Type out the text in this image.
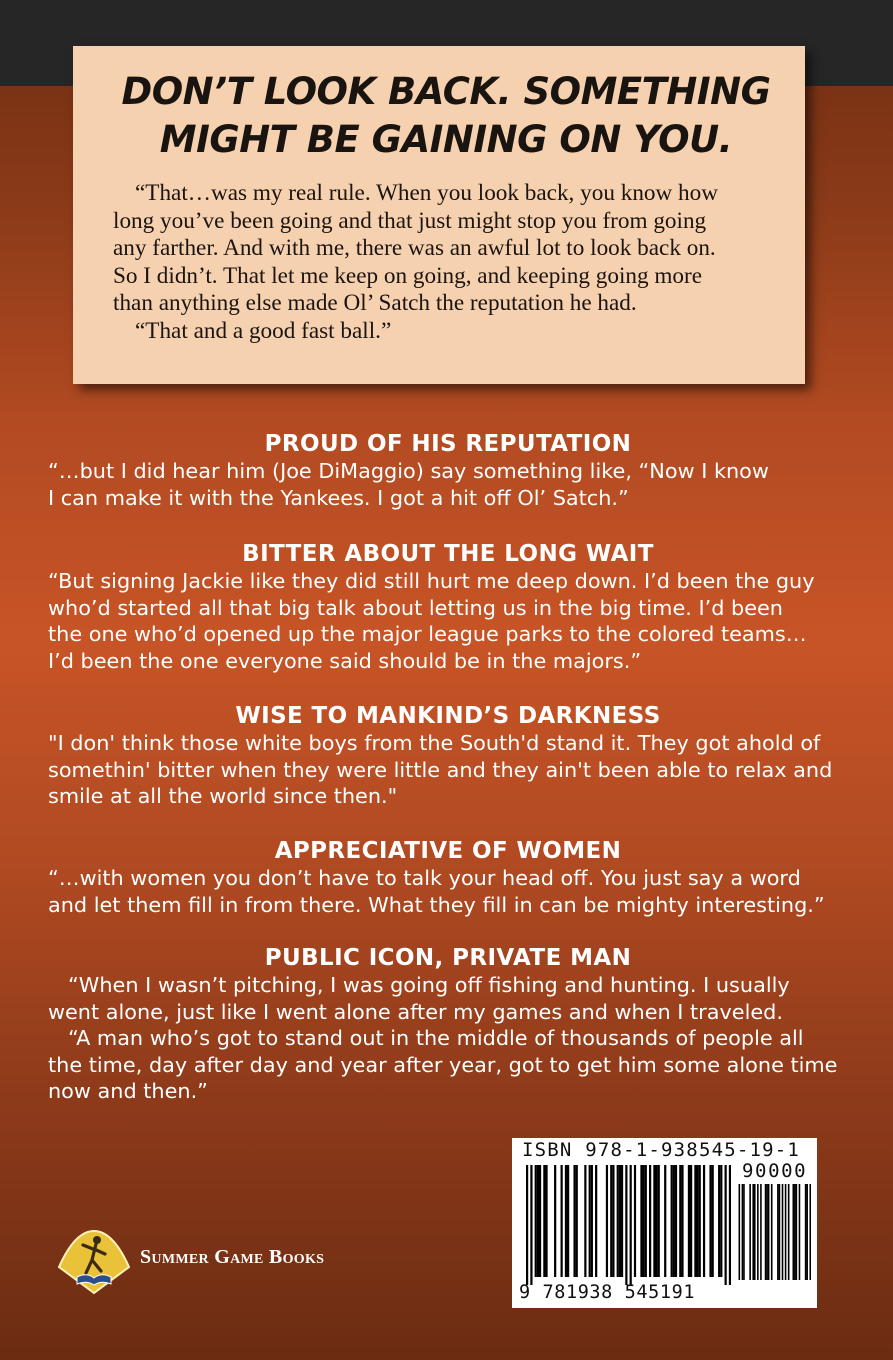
DON’T LOOK BACK. SOMETHING
MIGHT BE GAINING ON YOU.

“That…was my real rule. When you look back, you know how
long you’ve been going and that just might stop you from going
any farther. And with me, there was an awful lot to look back on.
So I didn’t. That let me keep on going, and keeping going more
than anything else made Ol’ Satch the reputation he had.

“That and a good fast ball.”

PROUD OF HIS REPUTATION

“…but I did hear him (Joe DiMaggio) say something like, “Now I know
I can make it with the Yankees. I got a hit off Ol’ Satch.”

BITTER ABOUT THE LONG WAIT

“But signing Jackie like they did still hurt me deep down. I’d been the guy
who’d started all that big talk about letting us in the big time. I’d been
the one who’d opened up the major league parks to the colored teams…
I’d been the one everyone said should be in the majors.”

WISE TO MANKIND’S DARKNESS

"I don' think those white boys from the South'd stand it. They got ahold of
somethin' bitter when they were little and they ain't been able to relax and
smile at all the world since then."

APPRECIATIVE OF WOMEN

“…with women you don’t have to talk your head off. You just say a word
and let them fill in from there. What they fill in can be mighty interesting.”

PUBLIC ICON, PRIVATE MAN

“When I wasn’t pitching, I was going off fishing and hunting. I usually
went alone, just like I went alone after my games and when I traveled.

“A man who’s got to stand out in the middle of thousands of people all
the time, day after day and year after year, got to get him some alone time
now and then.”

Summer Game Books
ISBN 978-1-938545-19-1
90000
9 781938 545191
